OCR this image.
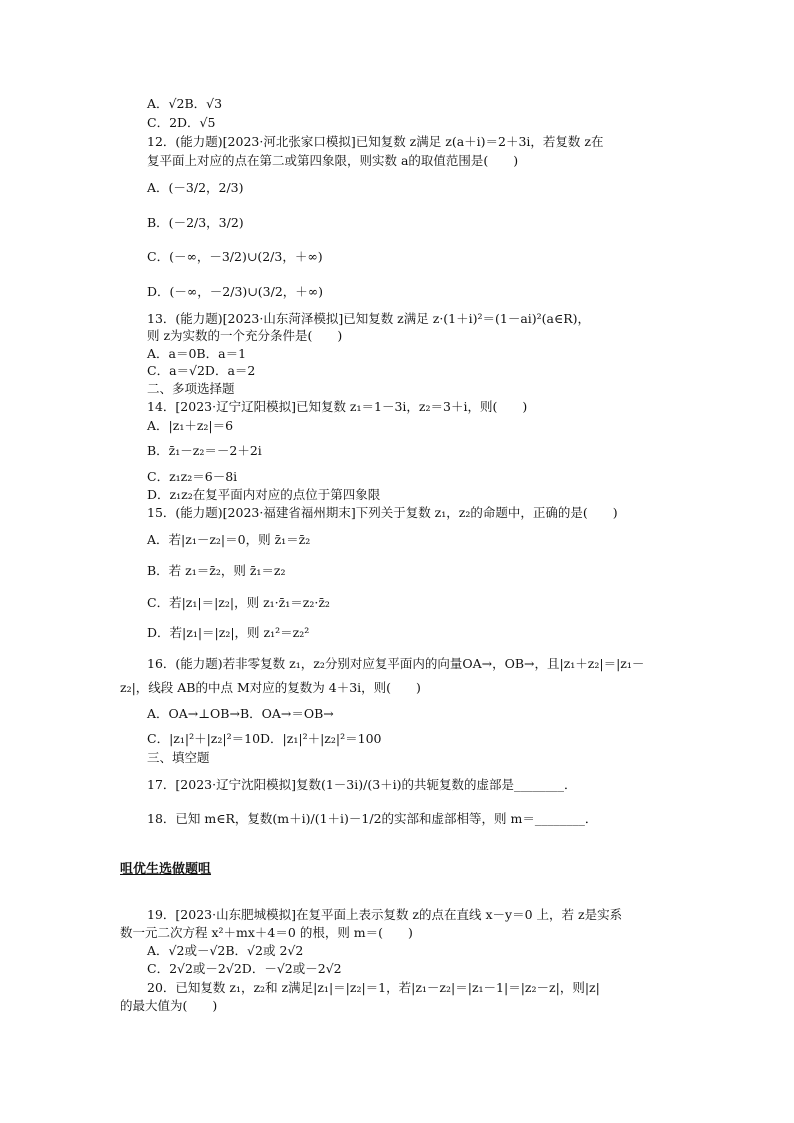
A．√2B．√3
C．2D．√5
12．(能力题)[2023·河北张家口模拟]已知复数 z满足 z(a＋i)＝2＋3i，若复数 z在
复平面上对应的点在第二或第四象限，则实数 a的取值范围是(　　)
A．(－3/2，2/3)
B．(－2/3，3/2)
C．(－∞，－3/2)∪(2/3，＋∞)
D．(－∞，－2/3)∪(3/2，＋∞)
13．(能力题)[2023·山东菏泽模拟]已知复数 z满足 z·(1＋i)²＝(1－ai)²(a∈R)，
则 z为实数的一个充分条件是(　　)
A．a＝0B．a＝1
C．a＝√2D．a＝2
二、多项选择题
14．[2023·辽宁辽阳模拟]已知复数 z₁＝1－3i，z₂＝3＋i，则(　　)
A．|z₁＋z₂|＝6
B．z̄₁－z₂＝－2＋2i
C．z₁z₂＝6－8i
D．z₁z₂在复平面内对应的点位于第四象限
15．(能力题)[2023·福建省福州期末]下列关于复数 z₁，z₂的命题中，正确的是(　　)
A．若|z₁－z₂|＝0，则 z̄₁＝z̄₂
B．若 z₁＝z̄₂，则 z̄₁＝z₂
C．若|z₁|＝|z₂|，则 z₁·z̄₁＝z₂·z̄₂
D．若|z₁|＝|z₂|，则 z₁²＝z₂²
16．(能力题)若非零复数 z₁，z₂分别对应复平面内的向量OA→，OB→，且|z₁＋z₂|＝|z₁－
z₂|，线段 AB的中点 M对应的复数为 4＋3i，则(　　)
A．OA→⊥OB→B．OA→＝OB→
C．|z₁|²＋|z₂|²＝10D．|z₁|²＋|z₂|²＝100
三、填空题
17．[2023·辽宁沈阳模拟]复数(1－3i)/(3＋i)的共轭复数的虚部是________．
18．已知 m∈R，复数(m＋i)/(1＋i)－1/2的实部和虚部相等，则 m＝________．
咀优生选做题咀
19．[2023·山东肥城模拟]在复平面上表示复数 z的点在直线 x－y＝0 上，若 z是实系
数一元二次方程 x²＋mx＋4＝0 的根，则 m＝(　　)
A．√2或－√2B．√2或 2√2
C．2√2或－2√2D．－√2或－2√2
20．已知复数 z₁，z₂和 z满足|z₁|＝|z₂|＝1，若|z₁－z₂|＝|z₁－1|＝|z₂－z|，则|z|
的最大值为(　　)
